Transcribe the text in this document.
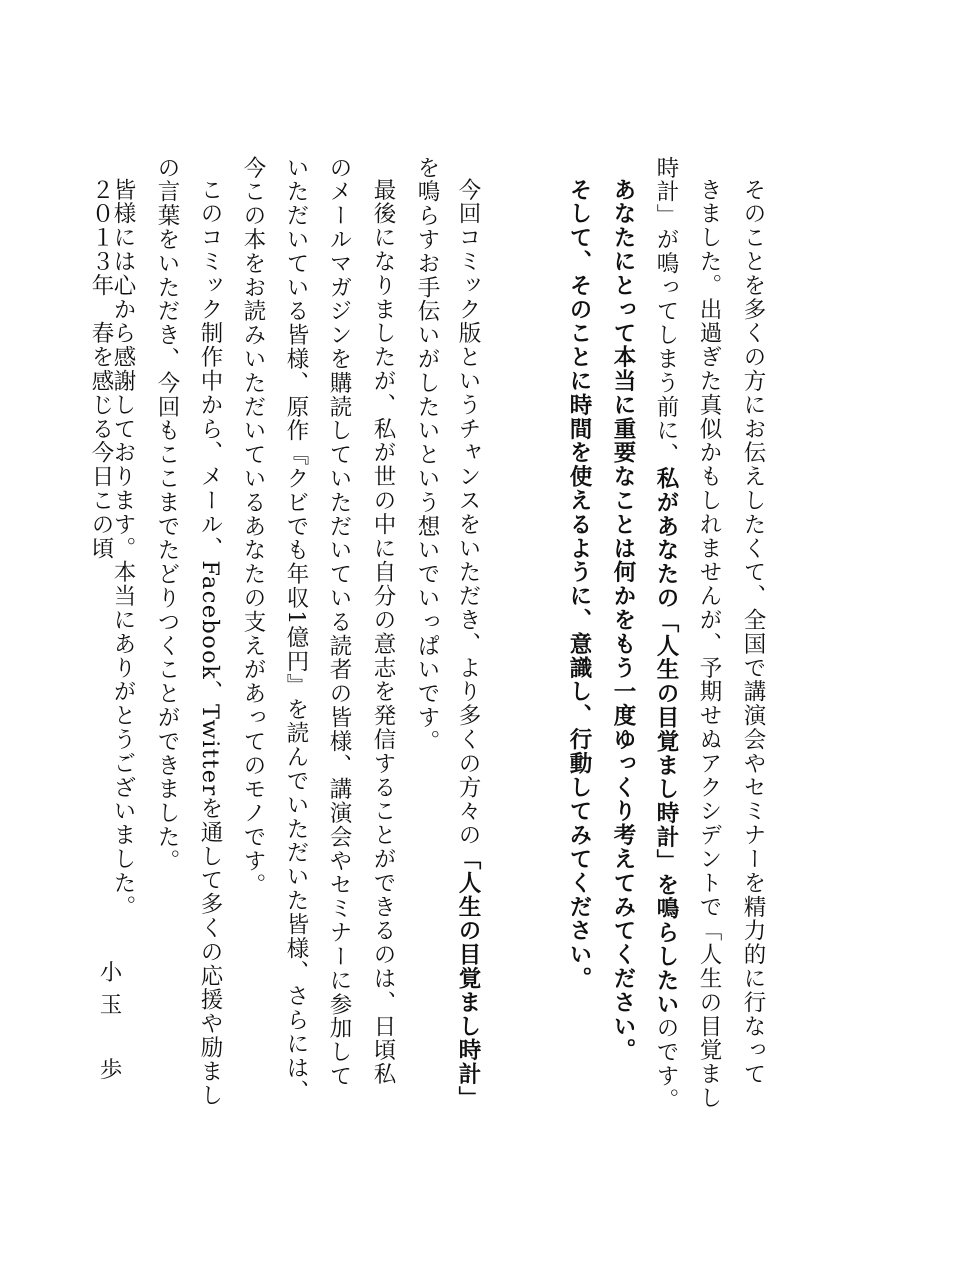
そのことを多くの方にお伝えしたくて、全国で講演会やセミナーを精力的に行なって
きました。出過ぎた真似かもしれませんが、予期せぬアクシデントで「人生の目覚まし
時計」が鳴ってしまう前に、私があなたの「人生の目覚まし時計」を鳴らしたいのです。
あなたにとって本当に重要なことは何かをもう一度ゆっくり考えてみてください。
そして、そのことに時間を使えるように、意識し、行動してみてください。
今回コミック版というチャンスをいただき、より多くの方々の「人生の目覚まし時計」
を鳴らすお手伝いがしたいという想いでいっぱいです。
最後になりましたが、私が世の中に自分の意志を発信することができるのは、日頃私
のメールマガジンを購読していただいている読者の皆様、講演会やセミナーに参加して
いただいている皆様、原作『クビでも年収1億円』を読んでいただいた皆様、さらには、
今この本をお読みいただいているあなたの支えがあってのモノです。
このコミック制作中から、メール、Facebook、Twitterを通して多くの応援や励まし
の言葉をいただき、今回もここまでたどりつくことができました。
皆様には心から感謝しております。本当にありがとうございました。
２０１３年　春を感じる今日この頃
小玉　歩
